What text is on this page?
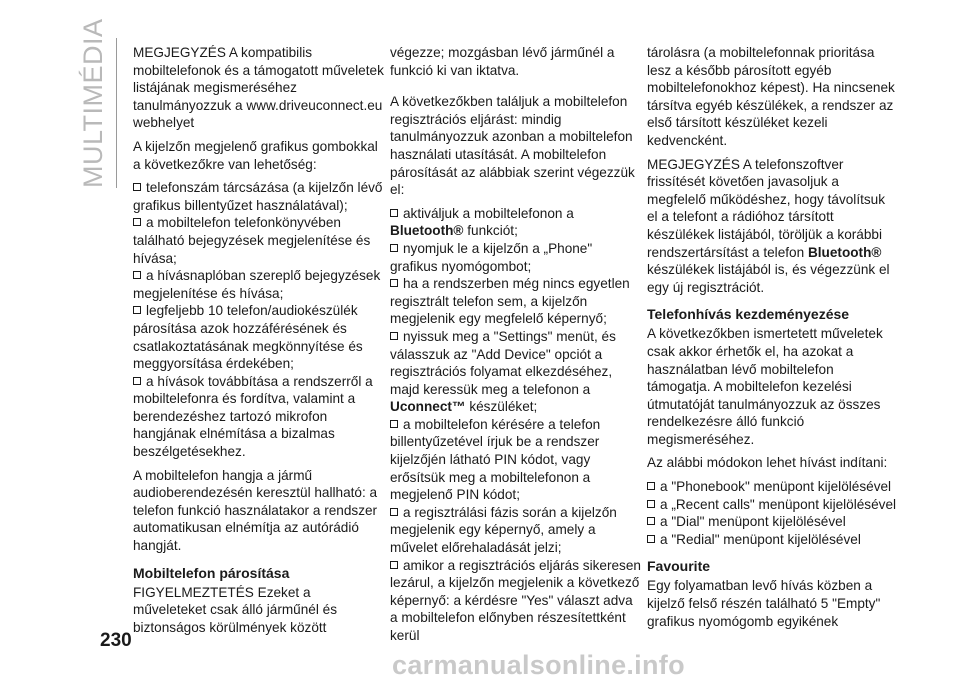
MULTIMÉDIA MEGJEGYZÉS A kompatibilis mobiltelefonok és a támogatott műveletek listájának megismeréséhez tanulmányozzuk a www.driveuconnect.eu webhelyet

A kijelzőn megjelenő grafikus gombokkal a következőkre van lehetőség:

telefonszám tárcsázása (a kijelzőn lévő grafikus billentyűzet használatával);

a mobiltelefon telefonkönyvében található bejegyzések megjelenítése és hívása;

a hívásnaplóban szereplő bejegyzések megjelenítése és hívása;

legfeljebb 10 telefon/audiokészülék párosítása azok hozzáférésének és csatlakoztatásának megkönnyítése és meggyorsítása érdekében;

a hívások továbbítása a rendszerről a mobiltelefonra és fordítva, valamint a berendezéshez tartozó mikrofon hangjának elnémítása a bizalmas beszélgetésekhez.

A mobiltelefon hangja a jármű audioberendezésén keresztül hallható: a telefon funkció használatakor a rendszer automatikusan elnémítja az autórádió hangját.

Mobiltelefon párosítása

FIGYELMEZTETÉS Ezeket a műveleteket csak álló járműnél és biztonságos körülmények között

végezze; mozgásban lévő járműnél a funkció ki van iktatva.

A következőkben találjuk a mobiltelefon regisztrációs eljárást: mindig tanulmányozzuk azonban a mobiltelefon használati utasítását. A mobiltelefon párosítását az alábbiak szerint végezzük el:

aktiváljuk a mobiltelefonon a Bluetooth® funkciót;

nyomjuk le a kijelzőn a „Phone" grafikus nyomógombot;

ha a rendszerben még nincs egyetlen regisztrált telefon sem, a kijelzőn megjelenik egy megfelelő képernyő;

nyissuk meg a "Settings" menüt, és válasszuk az "Add Device" opciót a regisztrációs folyamat elkezdéséhez, majd keressük meg a telefonon a Uconnect™ készüléket;

a mobiltelefon kérésére a telefon billentyűzetével írjuk be a rendszer kijelzőjén látható PIN kódot, vagy erősítsük meg a mobiltelefonon a megjelenő PIN kódot;

a regisztrálási fázis során a kijelzőn megjelenik egy képernyő, amely a művelet előrehaladását jelzi;

amikor a regisztrációs eljárás sikeresen lezárul, a kijelzőn megjelenik a következő képernyő: a kérdésre "Yes" választ adva a mobiltelefon előnyben részesítettként kerül

tárolásra (a mobiltelefonnak prioritása lesz a később párosított egyéb mobiltelefonokhoz képest). Ha nincsenek társítva egyéb készülékek, a rendszer az első társított készüléket kezeli kedvencként.

MEGJEGYZÉS A telefonszoftver frissítését követően javasoljuk a megfelelő működéshez, hogy távolítsuk el a telefont a rádióhoz társított készülékek listájából, töröljük a korábbi rendszertársítást a telefon Bluetooth® készülékek listájából is, és végezzünk el egy új regisztrációt.

Telefonhívás kezdeményezése

A következőkben ismertetett műveletek csak akkor érhetők el, ha azokat a használatban lévő mobiltelefon támogatja. A mobiltelefon kezelési útmutatóját tanulmányozzuk az összes rendelkezésre álló funkció megismeréséhez.

Az alábbi módokon lehet hívást indítani:

a "Phonebook" menüpont kijelölésével

a „Recent calls" menüpont kijelölésével

a "Dial" menüpont kijelölésével

a "Redial" menüpont kijelölésével

Favourite

Egy folyamatban levő hívás közben a kijelző felső részén található 5 "Empty" grafikus nyomógomb egyikének

230
carmanualsonline.info
